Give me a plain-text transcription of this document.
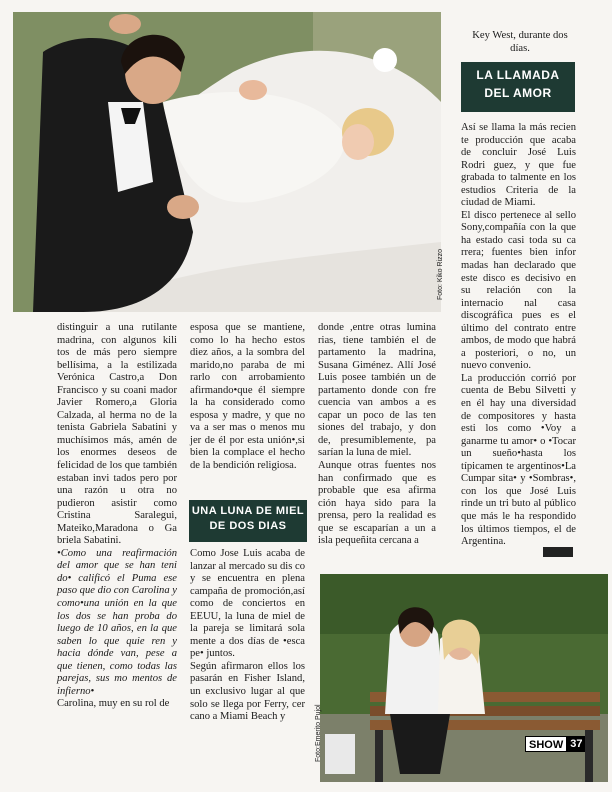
Foto: Kiko Rizzo

distinguir a una rutilante madrina, con algunos kili tos de más pero siempre bellísima, a la estilizada Verónica Castro,a Don Francisco y su coani mador Javier Romero,a Gloria Calzada, al herma no de la tenista Gabriela Sabatini y muchísimos más, amén de los enormes deseos de felicidad de los que también estaban invi tados pero por una razón u otra no pudieron asistir como Cristina Saralegui, Mateiko,Maradona o Ga briela Sabatini.

•Como una reafirmación del amor que se han teni do• calificó el Puma ese paso que dio con Carolina y como•una unión en la que los dos se han proba do luego de 10 años, en la que saben lo que quie ren y hacia dónde van, pese a que tienen, como todas las parejas, sus mo mentos de infierno•

Carolina, muy en su rol de

esposa que se mantiene, como lo ha hecho estos diez años, a la sombra del marido,no paraba de mi rarlo con arrobamiento afirmando•que él siempre la ha considerado como esposa y madre, y que no va a ser mas o menos mu jer de él por esta unión•,si bien la complace el hecho de la bendición religiosa.

UNA LUNA DE MIEL
DE DOS DIAS

Como Jose Luis acaba de lanzar al mercado su dis co y se encuentra en plena campaña de promoción,así como de conciertos en EEUU, la luna de miel de la pareja se limitará sola mente a dos días de •esca pe• juntos.

Según afirmaron ellos los pasarán en Fisher Island, un exclusivo lugar al que solo se llega por Ferry, cer cano a Miami Beach y

donde ,entre otras lumina rias, tiene también el de partamento la madrina, Susana Giménez. Allí José Luis posee también un de partamento donde con fre cuencia van ambos a es capar un poco de las ten siones del trabajo, y don de, presumiblemente, pa sarían la luna de miel.

Aunque otras fuentes nos han confirmado que es probable que esa afirma ción haya sido para la prensa, pero la realidad es que se escaparían a un a isla pequeñita cercana a

Key West, durante dos días.

LA LLAMADA
DEL AMOR

Así se llama la más recien te producción que acaba de concluir José Luis Rodri guez, y que fue grabada to talmente en los estudios Criteria de la ciudad de Miami.

El disco pertenece al sello Sony,compañía con la que ha estado casi toda su ca rrera; fuentes bien infor madas han declarado que este disco es decisivo en su relación con la internacio nal casa discográfica pues es el último del contrato entre ambos, de modo que habrá a posteriori, o no, un nuevo convenio.

La producción corrió por cuenta de Bebu Silvetti y en él hay una diversidad de compositores y hasta esti los como •Voy a ganarme tu amor• o •Tocar un sueño•hasta los típicamen te argentinos•La Cumpar sita• y •Sombras•, con los que José Luis rinde un tri buto al público que más le ha respondido los últimos tiempos, el de Argentina.

Foto:Emerito Pujol	SHOW 37
